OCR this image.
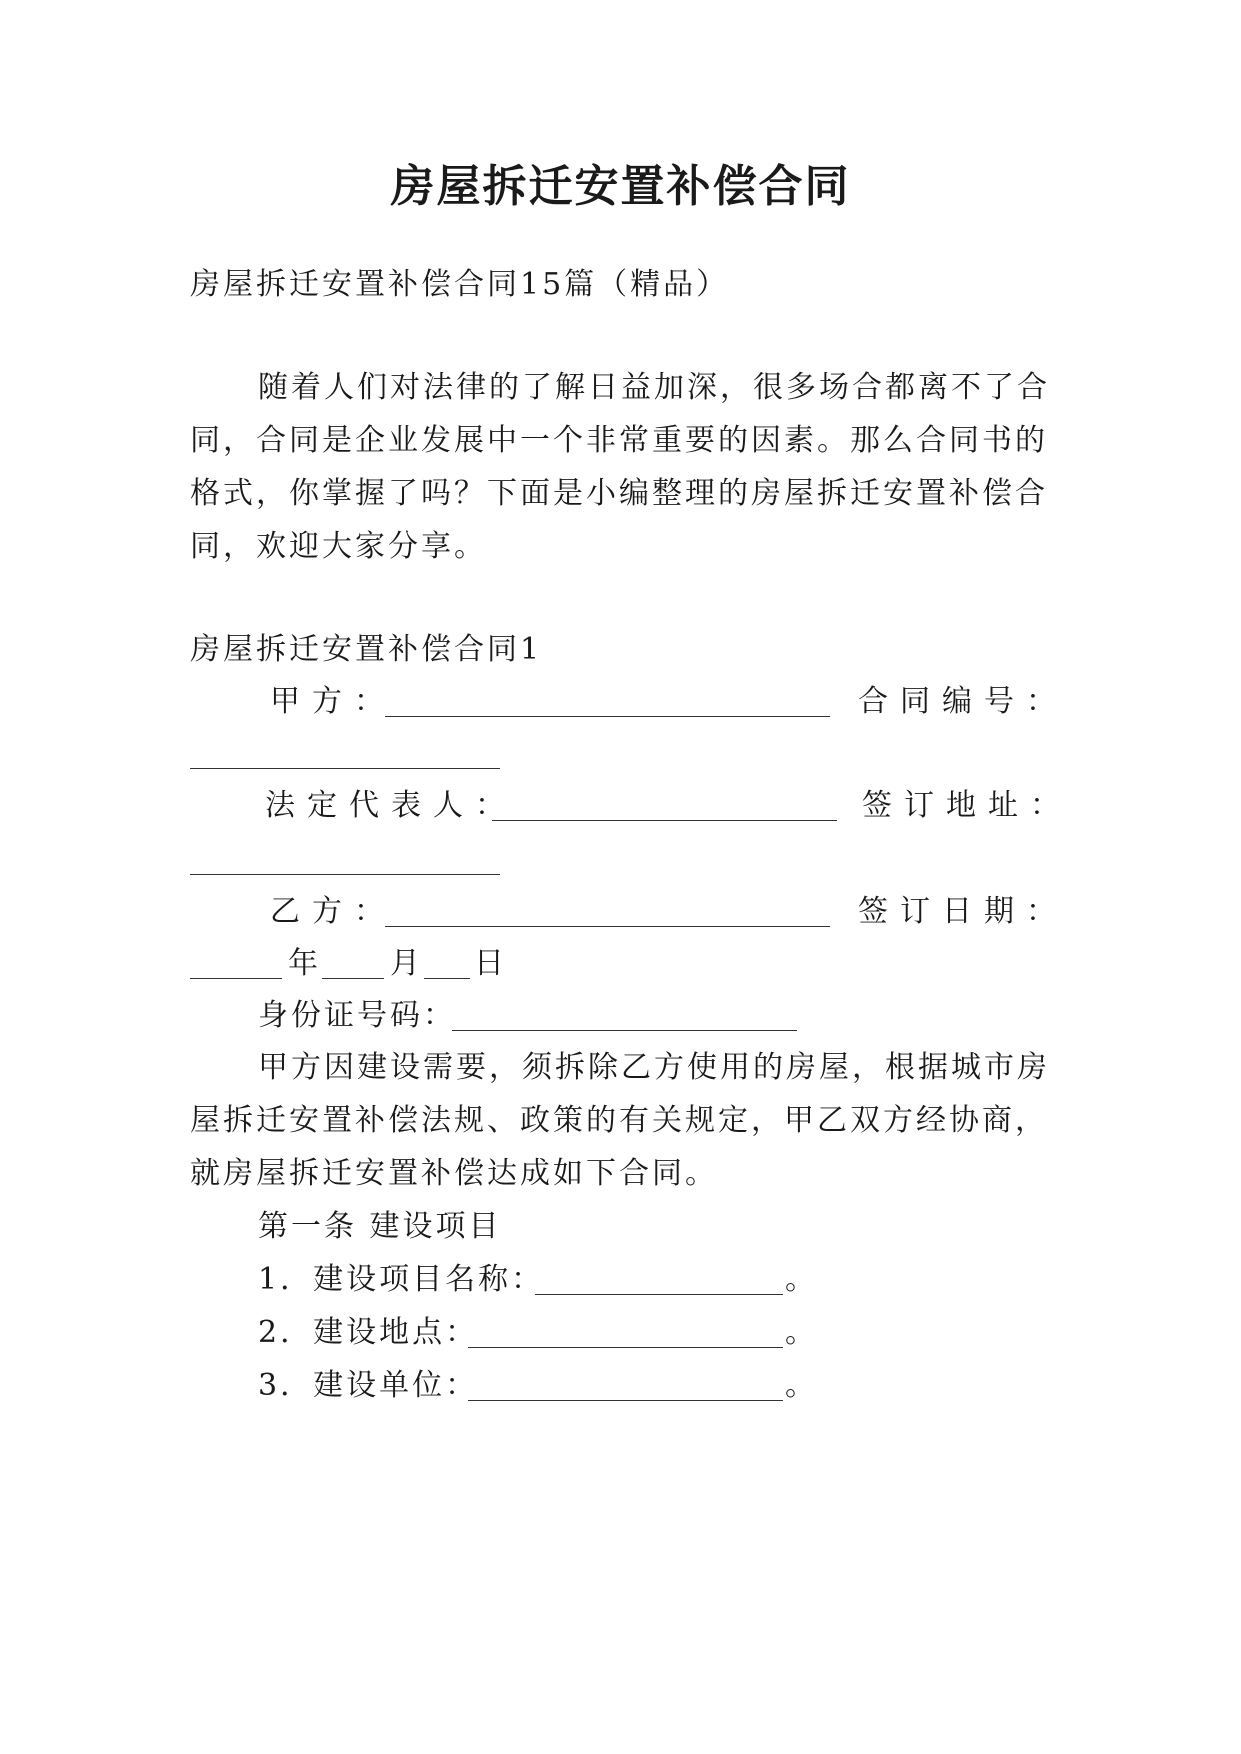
房屋拆迁安置补偿合同
房屋拆迁安置补偿合同15篇（精品）
随着人们对法律的了解日益加深，很多场合都离不了合
同，合同是企业发展中一个非常重要的因素。那么合同书的
格式，你掌握了吗？下面是小编整理的房屋拆迁安置补偿合
同，欢迎大家分享。
房屋拆迁安置补偿合同1
甲方：	合同编号：
法定代表人：	签订地址：
乙方：	签订日期：
年 月 日
身份证号码：
甲方因建设需要，须拆除乙方使用的房屋，根据城市房
屋拆迁安置补偿法规、政策的有关规定，甲乙双方经协商，
就房屋拆迁安置补偿达成如下合同。
第一条 建设项目
1．建设项目名称：	。
2．建设地点：	。
3．建设单位：	。
